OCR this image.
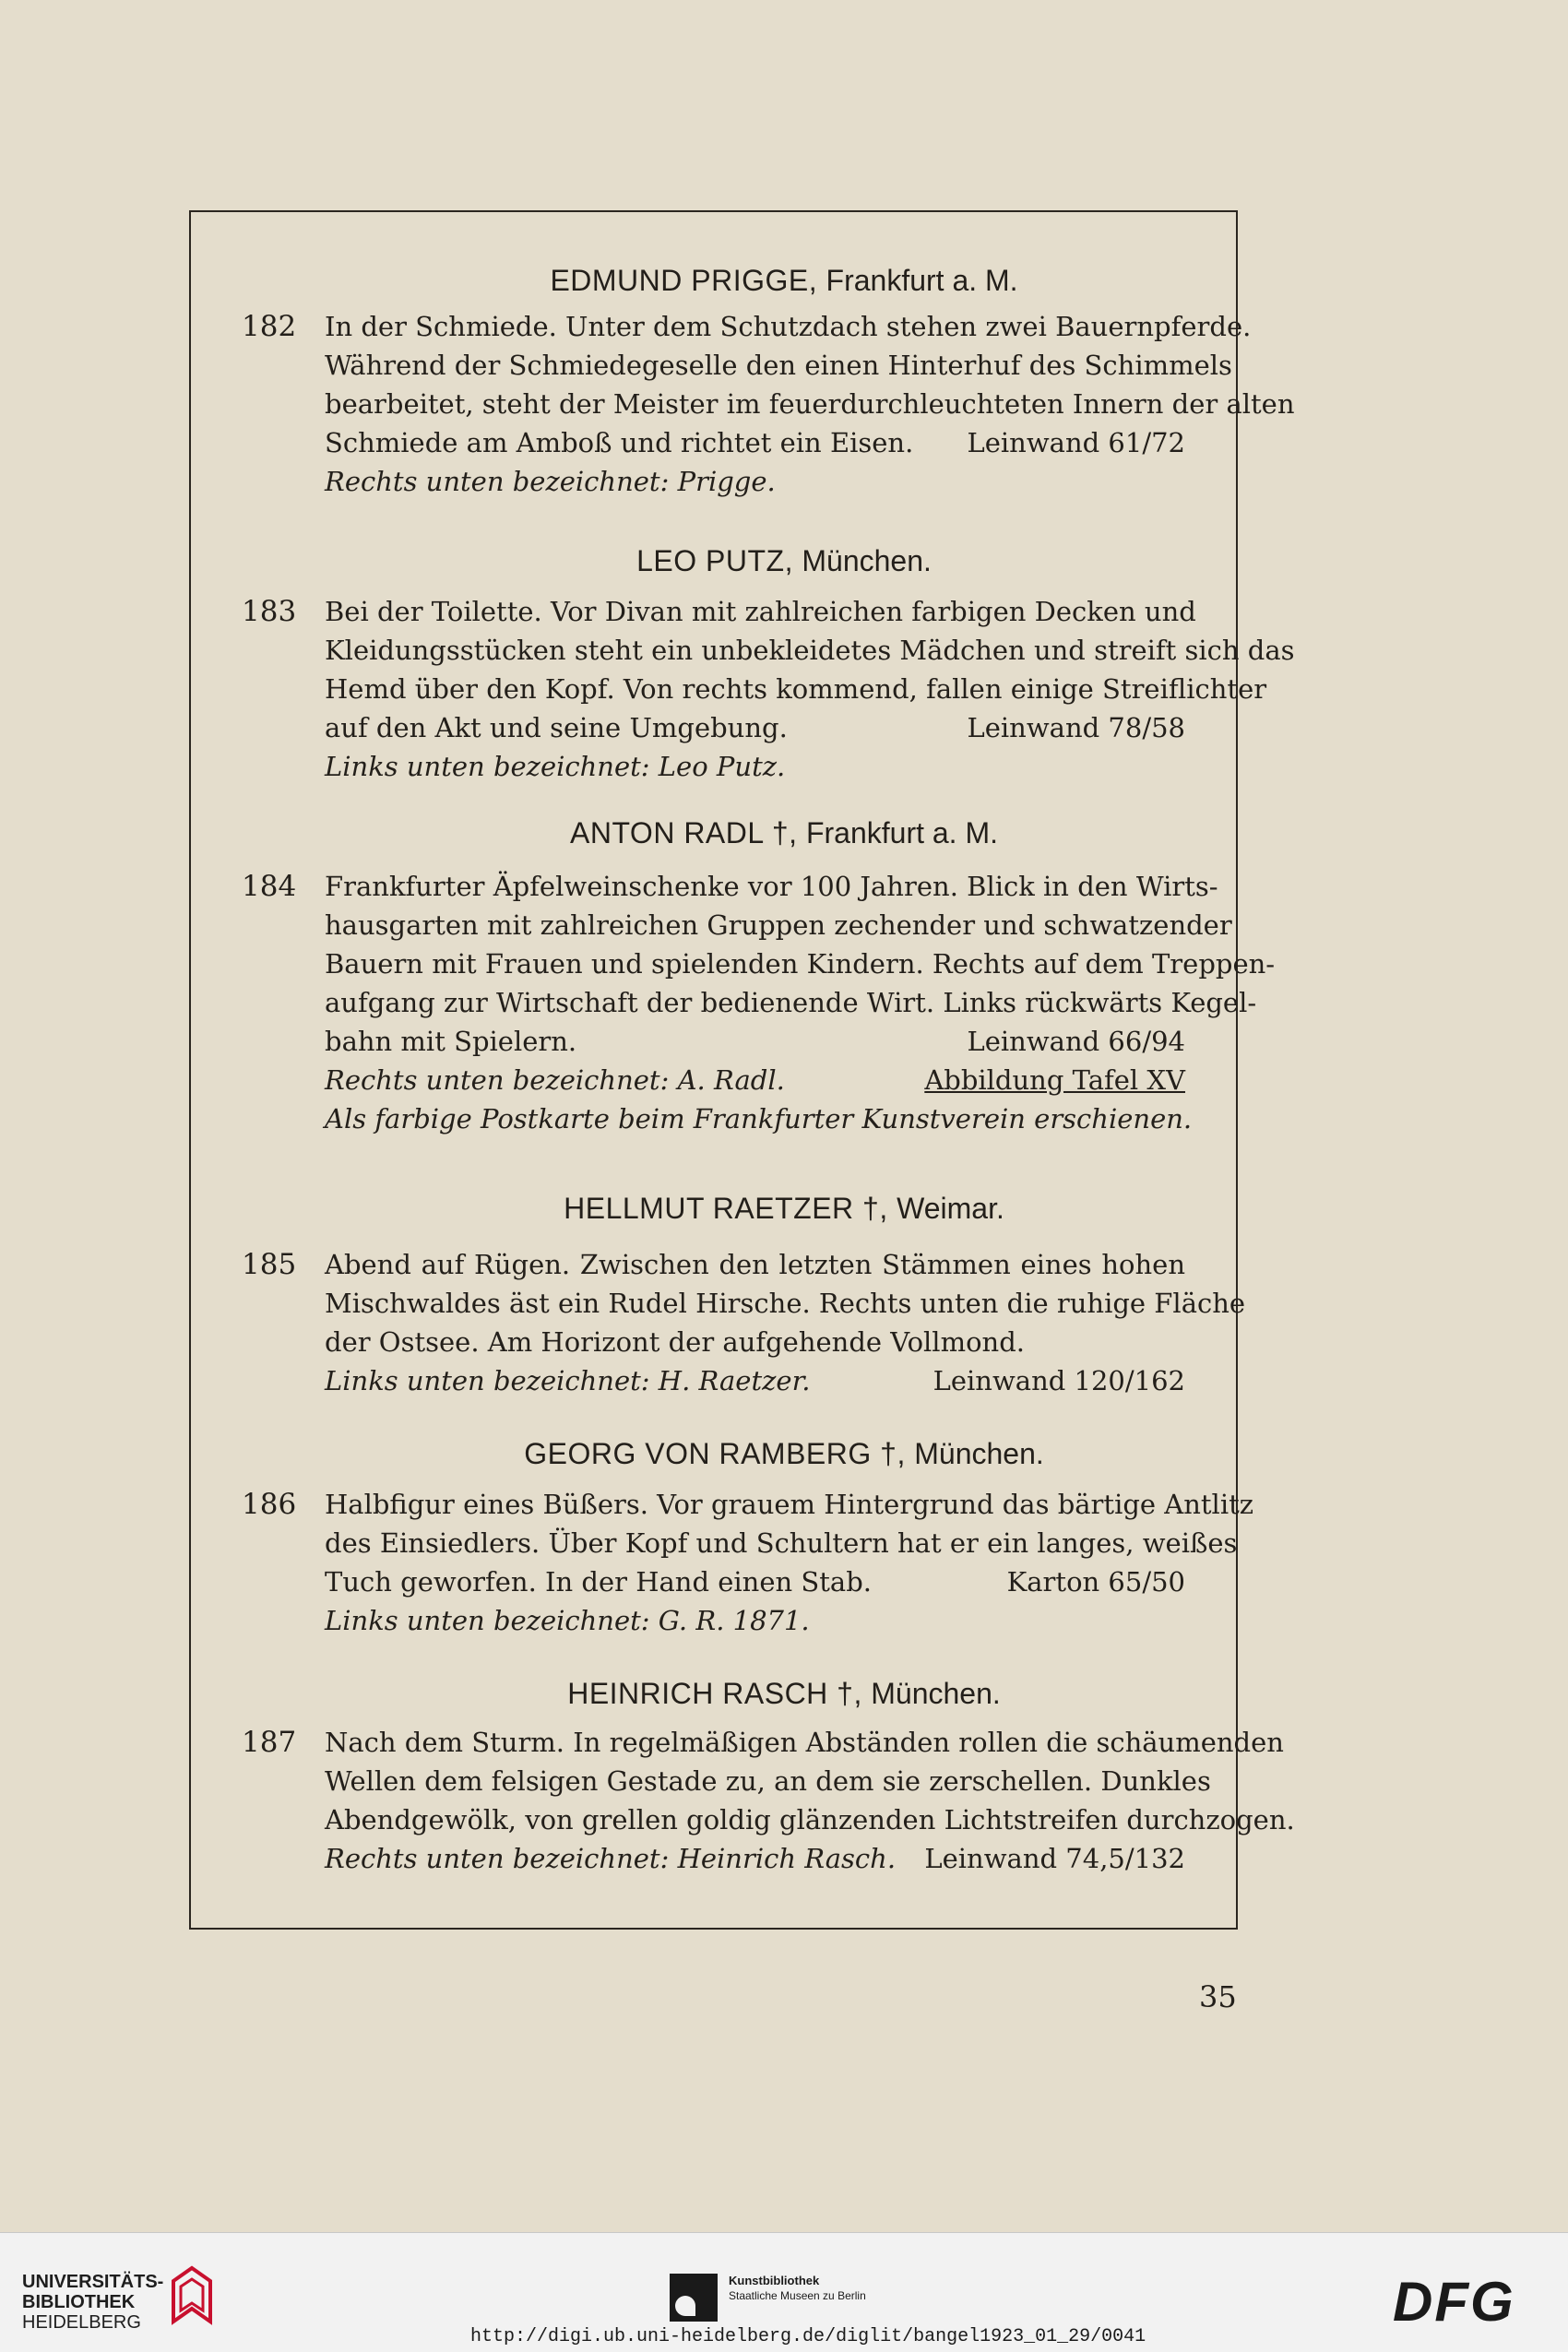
EDMUND PRIGGE, Frankfurt a. M.
182 In der Schmiede. Unter dem Schutzdach stehen zwei Bauernpferde.
Während der Schmiedegeselle den einen Hinterhuf des Schimmels
bearbeitet, steht der Meister im feuerdurchleuchteten Innern der alten
Schmiede am Amboß und richtet ein Eisen. Leinwand 61/72
Rechts unten bezeichnet: Prigge.
LEO PUTZ, München.
183 Bei der Toilette. Vor Divan mit zahlreichen farbigen Decken und
Kleidungsstücken steht ein unbekleidetes Mädchen und streift sich das
Hemd über den Kopf. Von rechts kommend, fallen einige Streiflichter
auf den Akt und seine Umgebung.	Leinwand 78/58
Links unten bezeichnet: Leo Putz.
ANTON RADL †, Frankfurt a. M.
184 Frankfurter Äpfelweinschenke vor 100 Jahren. Blick in den Wirts-
hausgarten mit zahlreichen Gruppen zechender und schwatzender
Bauern mit Frauen und spielenden Kindern. Rechts auf dem Treppen-
aufgang zur Wirtschaft der bedienende Wirt. Links rückwärts Kegel-
bahn mit Spielern.	Leinwand 66/94
Rechts unten bezeichnet: A. Radl.	Abbildung Tafel XV
Als farbige Postkarte beim Frankfurter Kunstverein erschienen.
HELLMUT RAETZER †, Weimar.
185 Abend auf Rügen. Zwischen den letzten Stämmen eines hohen
Mischwaldes äst ein Rudel Hirsche. Rechts unten die ruhige Fläche
der Ostsee. Am Horizont der aufgehende Vollmond.
Links unten bezeichnet: H. Raetzer.	Leinwand 120/162
GEORG VON RAMBERG †, München.
186 Halbfigur eines Büßers. Vor grauem Hintergrund das bärtige Antlitz
des Einsiedlers. Über Kopf und Schultern hat er ein langes, weißes
Tuch geworfen. In der Hand einen Stab.	Karton 65/50
Links unten bezeichnet: G. R. 1871.
HEINRICH RASCH †, München.
187 Nach dem Sturm. In regelmäßigen Abständen rollen die schäumenden
Wellen dem felsigen Gestade zu, an dem sie zerschellen. Dunkles
Abendgewölk, von grellen goldig glänzenden Lichtstreifen durchzogen.
Rechts unten bezeichnet: Heinrich Rasch. Leinwand 74,5/132
35
UNIVERSITÄTS-
BIBLIOTHEK
HEIDELBERG
Kunstbibliothek
Staatliche Museen zu Berlin	DFG
http://digi.ub.uni-heidelberg.de/diglit/bangel1923_01_29/0041
